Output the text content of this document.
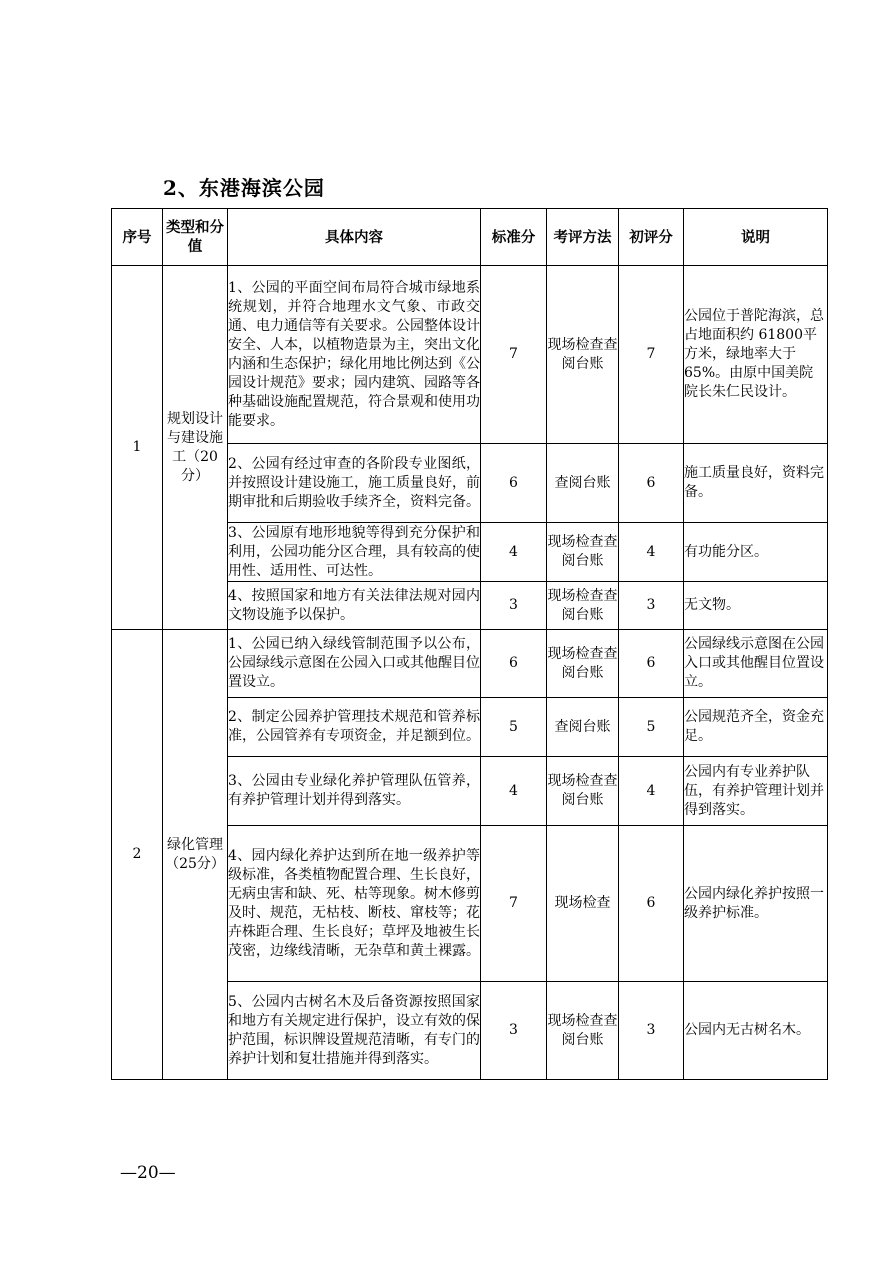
2、东港海滨公园
序号	类型和分值	具体内容	标准分	考评方法	初评分	说明
1	规划设计与建设施工（20分）	1、公园的平面空间布局符合城市绿地系统规划，并符合地理水文气象、市政交通、电力通信等有关要求。公园整体设计安全、人本，以植物造景为主，突出文化内涵和生态保护；绿化用地比例达到《公园设计规范》要求；园内建筑、园路等各种基础设施配置规范，符合景观和使用功能要求。	7	现场检查查阅台账	7	公园位于普陀海滨，总占地面积约 61800平方米，绿地率大于65%。由原中国美院院长朱仁民设计。
		2、公园有经过审查的各阶段专业图纸，并按照设计建设施工，施工质量良好，前期审批和后期验收手续齐全，资料完备。	6	查阅台账	6	施工质量良好，资料完备。
		3、公园原有地形地貌等得到充分保护和利用，公园功能分区合理，具有较高的使用性、适用性、可达性。	4	现场检查查阅台账	4	有功能分区。
		4、按照国家和地方有关法律法规对园内文物设施予以保护。	3	现场检查查阅台账	3	无文物。
2	绿化管理（25分）	1、公园已纳入绿线管制范围予以公布，公园绿线示意图在公园入口或其他醒目位置设立。	6	现场检查查阅台账	6	公园绿线示意图在公园入口或其他醒目位置设立。
		2、制定公园养护管理技术规范和管养标准，公园管养有专项资金，并足额到位。	5	查阅台账	5	公园规范齐全，资金充足。
		3、公园由专业绿化养护管理队伍管养，有养护管理计划并得到落实。	4	现场检查查阅台账	4	公园内有专业养护队伍，有养护管理计划并得到落实。
		4、园内绿化养护达到所在地一级养护等级标准，各类植物配置合理、生长良好，无病虫害和缺、死、枯等现象。树木修剪及时、规范，无枯枝、断枝、窜枝等；花卉株距合理、生长良好；草坪及地被生长茂密，边缘线清晰，无杂草和黄土裸露。	7	现场检查	6	公园内绿化养护按照一级养护标准。
		5、公园内古树名木及后备资源按照国家和地方有关规定进行保护，设立有效的保护范围，标识牌设置规范清晰，有专门的养护计划和复壮措施并得到落实。	3	现场检查查阅台账	3	公园内无古树名木。
—20—
